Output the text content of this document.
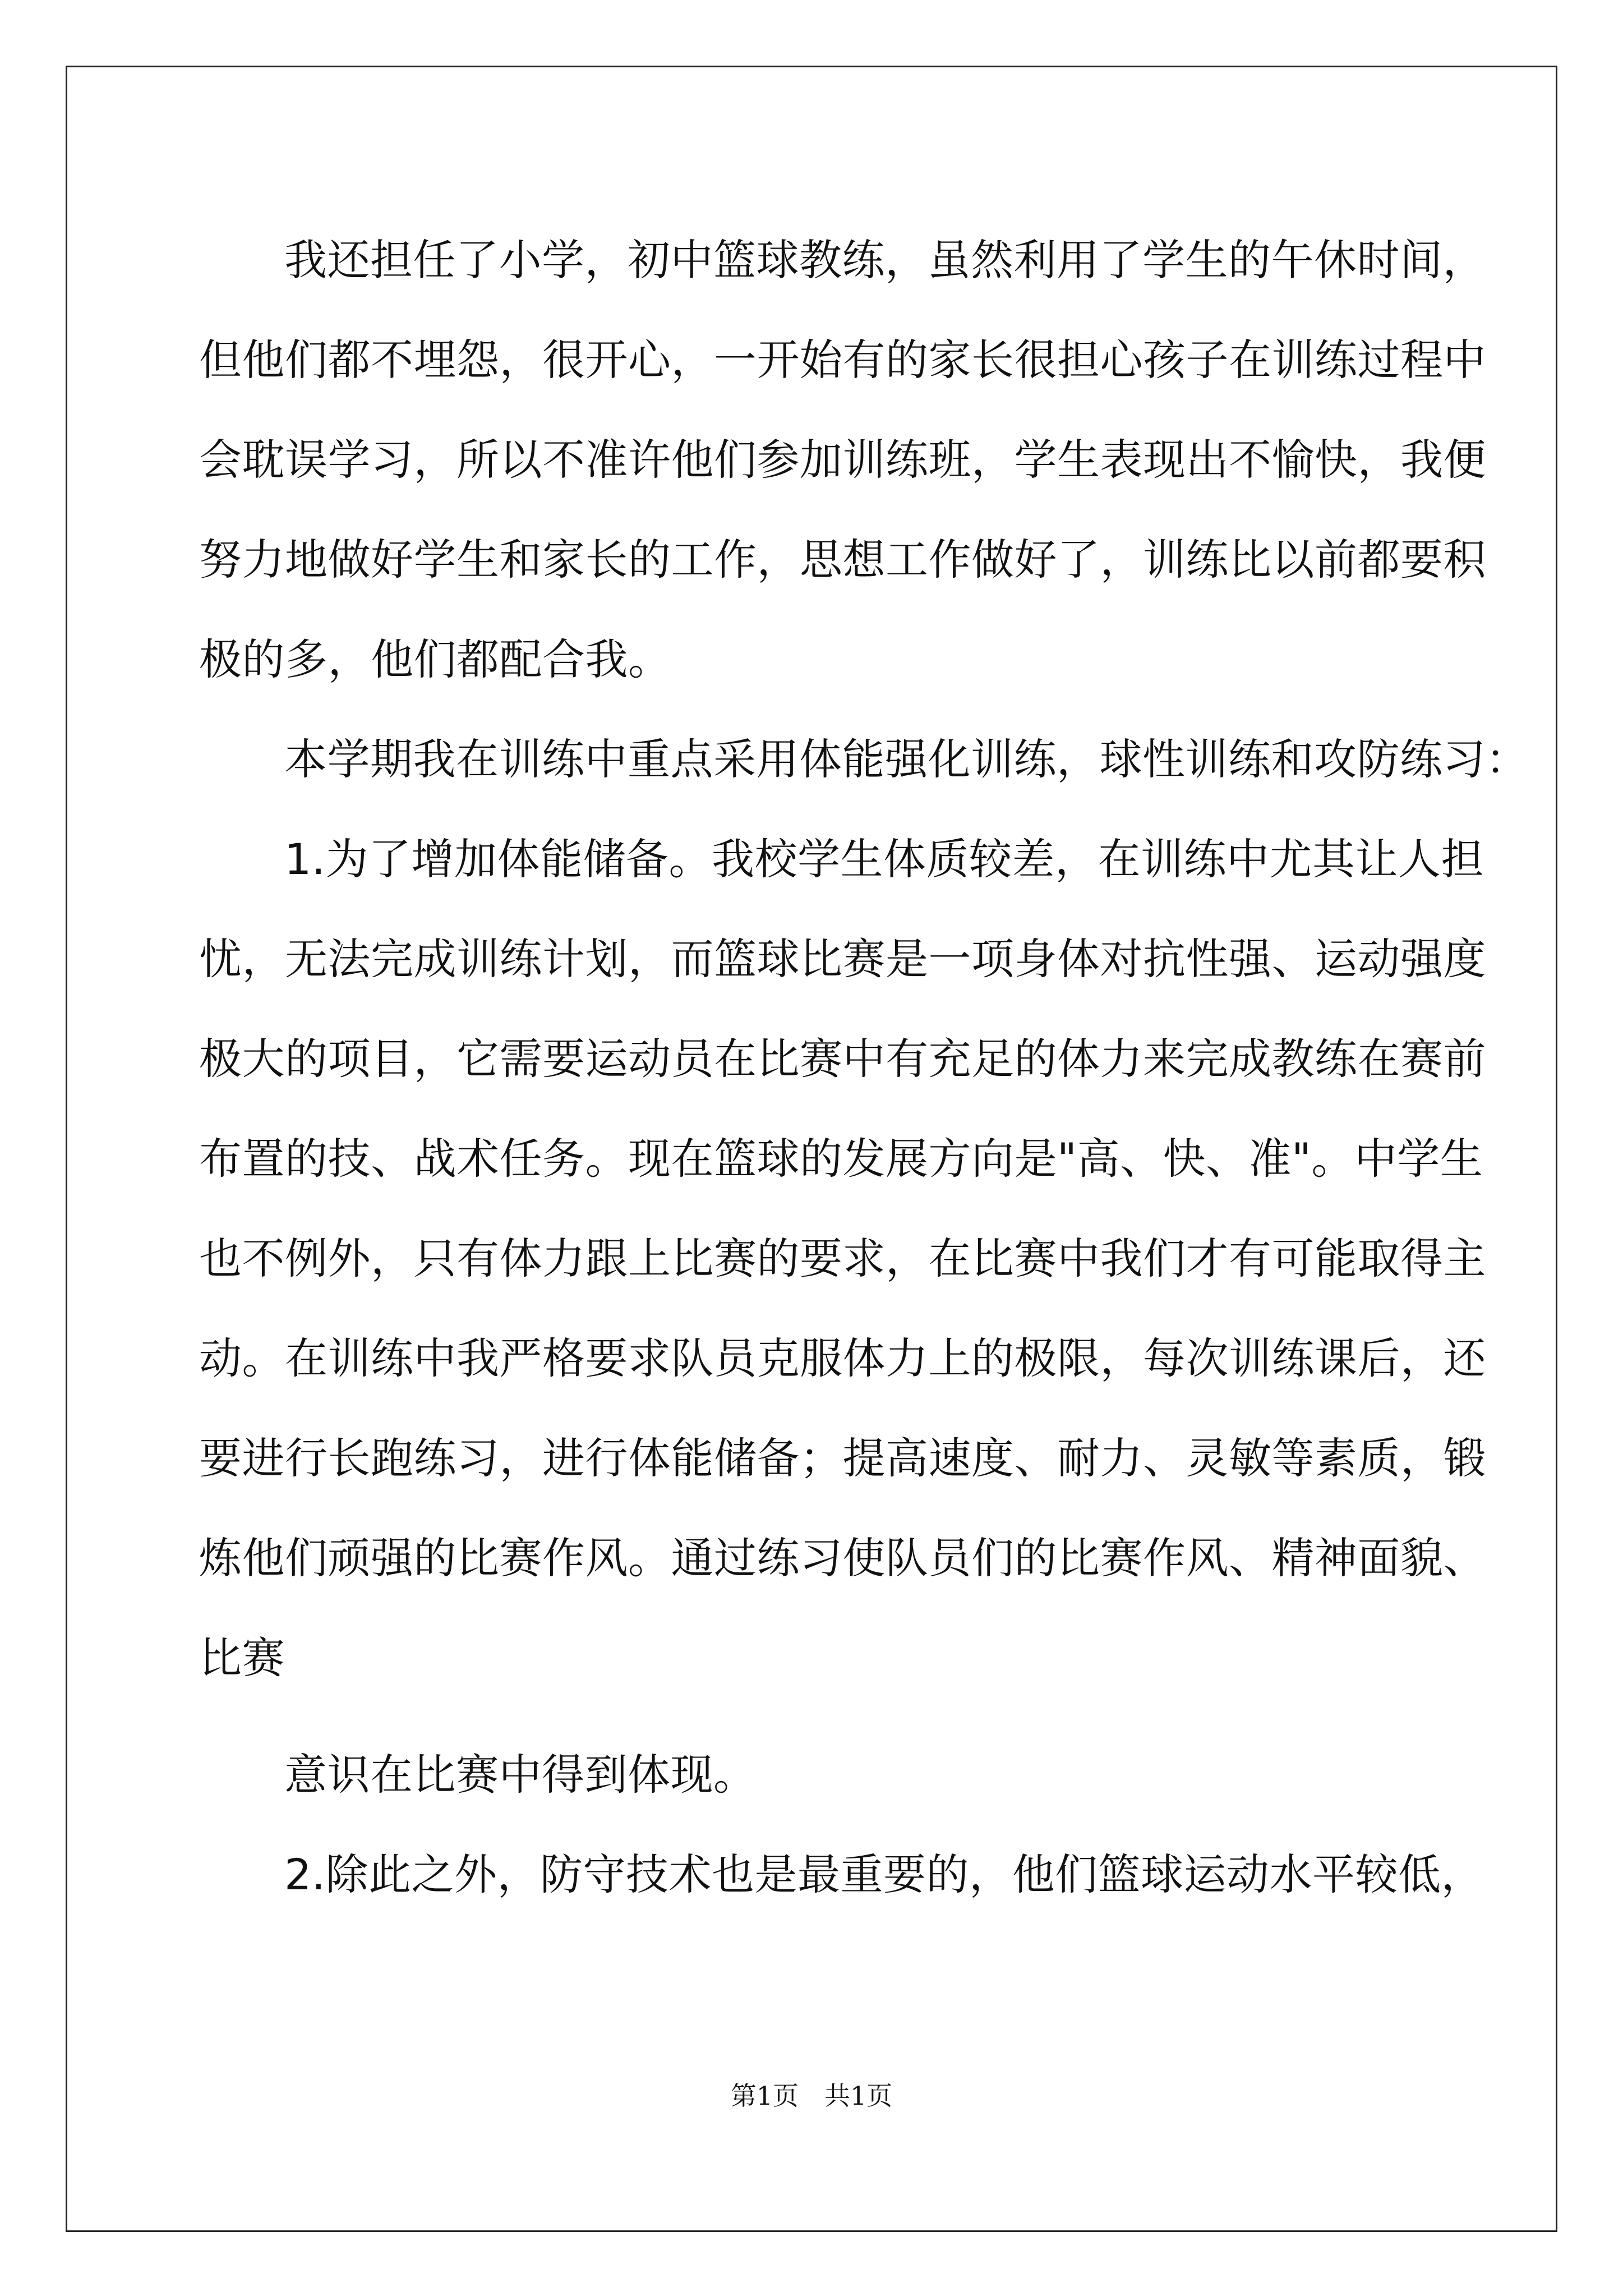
我还担任了小学，初中篮球教练，虽然利用了学生的午休时间，
但他们都不埋怨，很开心，一开始有的家长很担心孩子在训练过程中
会耽误学习，所以不准许他们参加训练班，学生表现出不愉快，我便
努力地做好学生和家长的工作，思想工作做好了，训练比以前都要积
极的多，他们都配合我。
本学期我在训练中重点采用体能强化训练，球性训练和攻防练习：
1.为了增加体能储备。我校学生体质较差，在训练中尤其让人担
忧，无法完成训练计划，而篮球比赛是一项身体对抗性强、运动强度
极大的项目，它需要运动员在比赛中有充足的体力来完成教练在赛前
布置的技、战术任务。现在篮球的发展方向是"高、快、准"。中学生
也不例外，只有体力跟上比赛的要求，在比赛中我们才有可能取得主
动。在训练中我严格要求队员克服体力上的极限，每次训练课后，还
要进行长跑练习，进行体能储备；提高速度、耐力、灵敏等素质，锻
炼他们顽强的比赛作风。通过练习使队员们的比赛作风、精神面貌、
比赛
意识在比赛中得到体现。
2.除此之外，防守技术也是最重要的，他们篮球运动水平较低，
第1页　共1页
